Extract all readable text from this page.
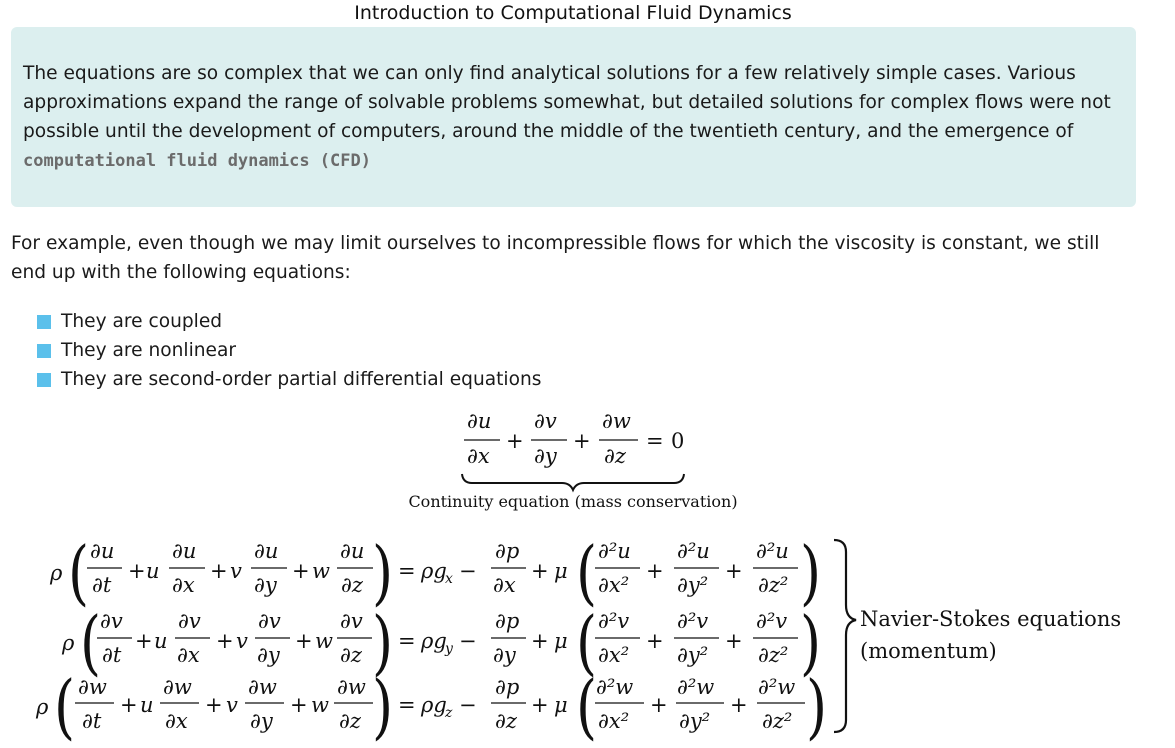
Introduction to Computational Fluid Dynamics

The equations are so complex that we can only find analytical solutions for a few relatively simple cases. Various approximations expand the range of solvable problems somewhat, but detailed solutions for complex flows were not possible until the development of computers, around the middle of the twentieth century, and the emergence of computational fluid dynamics (CFD)

For example, even though we may limit ourselves to incompressible flows for which the viscosity is constant, we still end up with the following equations:

They are coupled
They are nonlinear
They are second-order partial differential equations
∂u
∂x
+
∂v
∂y
+
∂w
∂z
= 0
Continuity equation (mass conservation)
ρ ( ∂u
∂t
+ u
∂u
∂x
+ v
∂u
∂y
+ w
∂u
∂z ) = ρg
x −
∂p
∂x
+ μ ( ∂²u
∂x²
+
∂²u
∂y²
+
∂²u
∂z² )
ρ (
∂v
∂t
+ u
∂v
∂x
+ v
∂v
∂y
+ w
∂v
∂z ) = ρg
y −
∂p
∂y
+ μ ( ∂²v
∂x²
+
∂²v
∂y²
+
∂²v
∂z² )
ρ ( ∂w
∂t
+ u
∂w
∂x
+ v
∂w
∂y
+ w
∂w
∂z ) = ρg
z −
∂p
∂z
+ μ (
∂²w
∂x²
+
∂²w
∂y²
+
∂²w
∂z² )
Navier-Stokes equations
(momentum)
